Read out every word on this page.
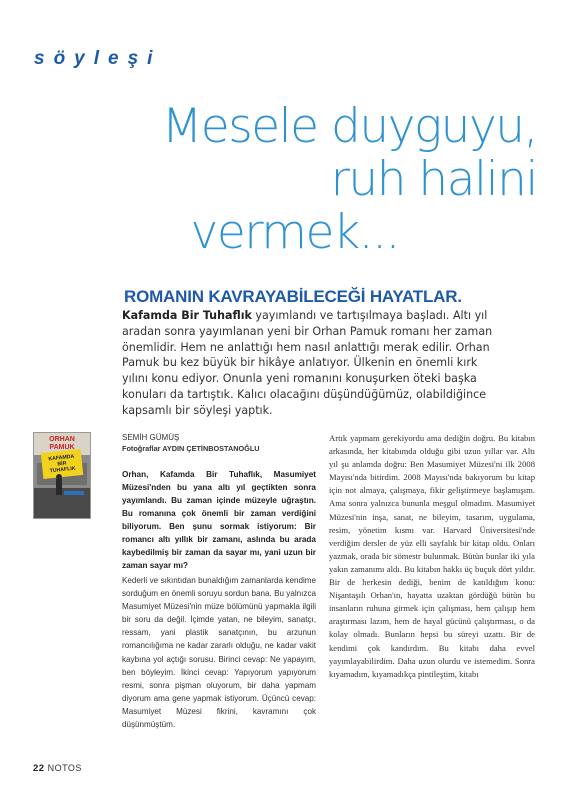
söyleşi
Mesele duyguyu,
ruh halini
vermek...
ROMANIN KAVRAYABİLECEĞİ HAYATLAR.
Kafamda Bir Tuhaflık yayımlandı ve tartışılmaya başladı. Altı yıl aradan sonra yayımlanan yeni bir Orhan Pamuk romanı her zaman önemlidir. Hem ne anlattığı hem nasıl anlattığı merak edilir. Orhan Pamuk bu kez büyük bir hikâye anlatıyor. Ülkenin en önemli kırk yılını konu ediyor. Onunla yeni romanını konuşurken öteki başka konuları da tartıştık. Kalıcı olacağını düşündüğümüz, olabildiğince kapsamlı bir söyleşi yaptık.
ORHAN
PAMUK
KAFAMDA
BİR
TUHAFLIK
SEMİH GÜMÜŞ
Fotoğraflar AYDIN ÇETİNBOSTANOĞLU

Orhan, Kafamda Bir Tuhaflık, Masumiyet Müzesi'nden bu yana altı yıl geçtikten sonra yayımlandı. Bu zaman içinde müzeyle uğraştın. Bu romanına çok önemli bir zaman verdiğini biliyorum. Ben şunu sormak istiyorum: Bir romancı altı yıllık bir zamanı, aslında bu arada kaybedilmiş bir zaman da sayar mı, yani uzun bir zaman sayar mı?

Kederli ve sıkıntıdan bunaldığım zamanlarda kendime sorduğum en önemli soruyu sordun bana. Bu yalnızca Masumiyet Müzesi'nin müze bölümünü yapmakla ilgili bir soru da değil. İçimde yatan, ne bileyim, sanatçı, ressam, yani plastik sanatçının, bu arzunun romancılığıma ne kadar zararlı olduğu, ne kadar vakit kaybına yol açtığı sorusu. Birinci cevap: Ne yapayım, ben böyleyim. İkinci cevap: Yapıyorum yapıyorum resmi, sonra pişman oluyorum, bir daha yapmam diyorum ama gene yapmak istiyorum. Üçüncü cevap: Masumiyet Müzesi fikrini, kavramını çok düşünmüştüm.

Artık yapmam gerekiyordu ama dediğin doğru. Bu kitabın arkasında, her kitabımda olduğu gibi uzun yıllar var. Altı yıl şu anlamda doğru: Ben Masumiyet Müzesi'ni ilk 2008 Mayısı'nda bitirdim. 2008 Mayısı'nda bakıyorum bu kitap için not almaya, çalışmaya, fikir geliştirmeye başlamışım. Ama sonra yalnızca bununla meşgul olmadım. Masumiyet Müzesi'nin inşa, sanat, ne bileyim, tasarım, uygulama, resim, yönetim kısmı var. Harvard Üniversitesi'nde verdiğim dersler de yüz elli sayfalık bir kitap oldu. Onları yazmak, orada bir sömestr bulunmak. Bütün bunlar iki yıla yakın zamanımı aldı. Bu kitabın hakkı üç buçuk dört yıldır. Bir de herkesin dediği, benim de katıldığım konu: Nişantaşılı Orhan'ın, hayatta uzaktan gördüğü bütün bu insanların ruhuna girmek için çalışması, hem çalışıp hem araştırması lazım, hem de hayal gücünü çalıştırması, o da kolay olmadı. Bunların hepsi bu süreyi uzattı. Bir de kendimi çok kandırdım. Bu kitabı daha evvel yayımlayabilirdim. Daha uzun olurdu ve istemedim. Sonra kıyamadım, kıyamadıkça pintileştim, kitabı

22 NOTOS
